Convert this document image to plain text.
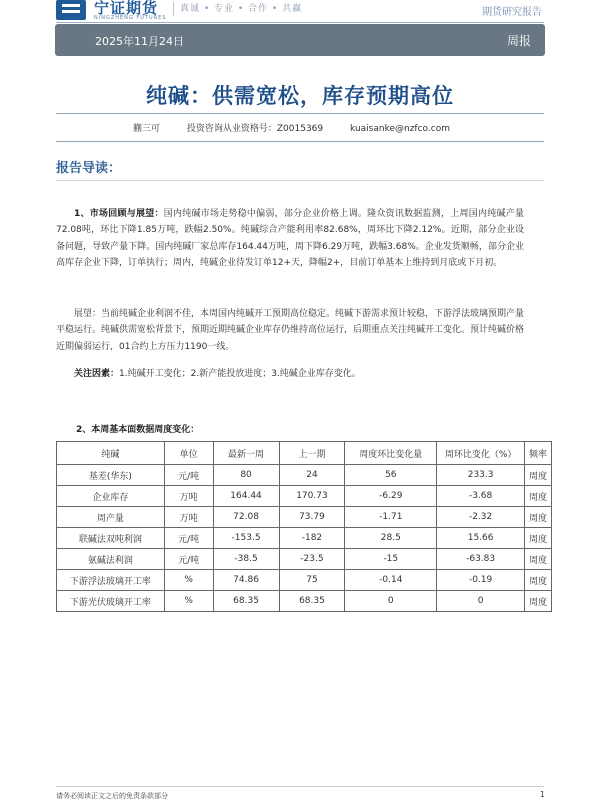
NFC
宁证期货
NINGZHENG FUTURES
真诚 • 专业 • 合作 • 共赢	期货研究报告
2025年11月24日	周报
纯碱：供需宽松，库存预期高位
蒯三可	投资咨询从业资格号：Z0015369	kuaisanke@nzfco.com
报告导读：
1、市场回顾与展望：国内纯碱市场走势稳中偏弱，部分企业价格上调。隆众资讯数据监测，上周国内纯碱产量72.08吨，环比下降1.85万吨，跌幅2.50%。纯碱综合产能利用率82.68%，周环比下降2.12%。近期，部分企业设备问题，导致产量下降。国内纯碱厂家总库存164.44万吨，周下降6.29万吨，跌幅3.68%。企业发货顺畅，部分企业高库存企业下降，订单执行；周内，纯碱企业待发订单12+天，降幅2+，目前订单基本上维持到月底或下月初。
展望：当前纯碱企业利润不佳，本周国内纯碱开工预期高位稳定。纯碱下游需求预计较稳，下游浮法玻璃预期产量平稳运行。纯碱供需宽松背景下，预期近期纯碱企业库存仍维持高位运行，后期重点关注纯碱开工变化。预计纯碱价格近期偏弱运行，01合约上方压力1190一线。
关注因素：1.纯碱开工变化；2.新产能投放进度；3.纯碱企业库存变化。
2、本周基本面数据周度变化：
纯碱	单位	最新一周	上一期	周度环比变化量	周环比变化（%）	频率
基差(华东)	元/吨	80	24	56	233.3	周度
企业库存	万吨	164.44	170.73	-6.29	-3.68	周度
周产量	万吨	72.08	73.79	-1.71	-2.32	周度
联碱法双吨利润	元/吨	-153.5	-182	28.5	15.66	周度
氨碱法利润	元/吨	-38.5	-23.5	-15	-63.83	周度
下游浮法玻璃开工率	%	74.86	75	-0.14	-0.19	周度
下游光伏玻璃开工率	%	68.35	68.35	0	0	周度
请务必阅读正文之后的免责条款部分	1
